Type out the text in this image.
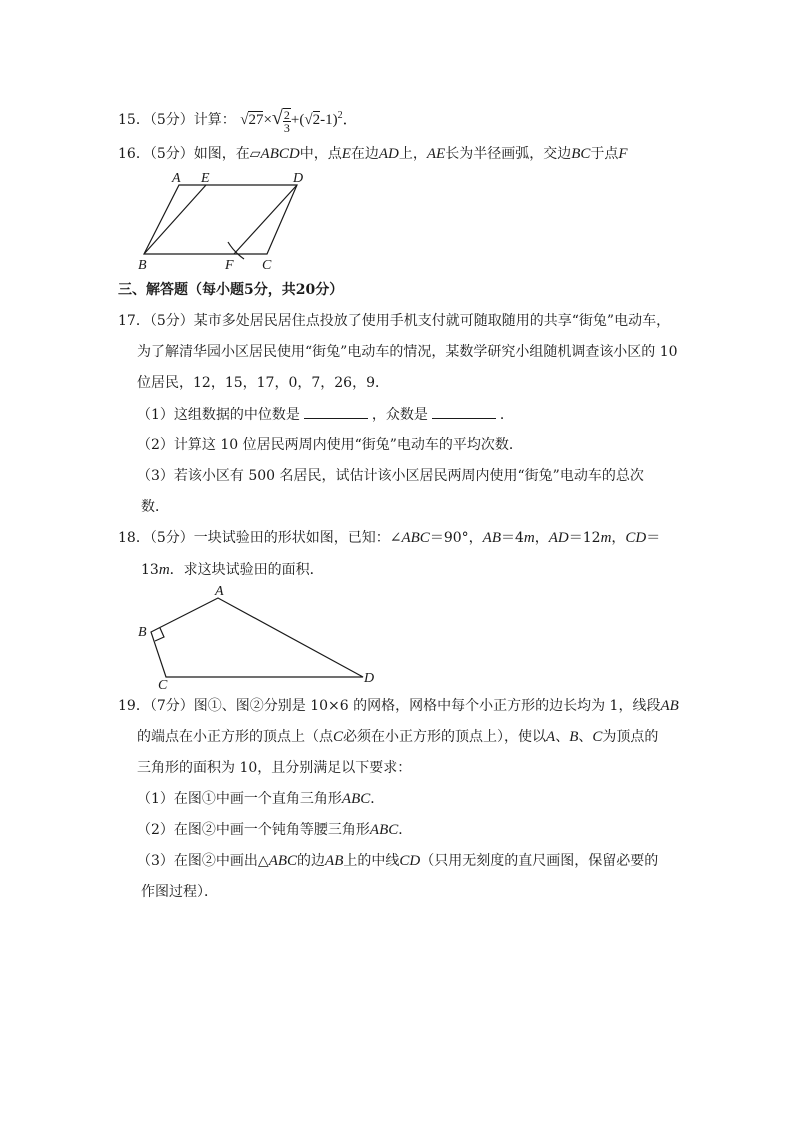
15．（5分）计算： $√27\times√ \frac{2}{3} +(√2-1)^2$．
16．（5分）如图，在▱ABCD中，点E在边AD上，AE长为半径画弧，交边BC于点F
A E	D
B	F C
三、解答题（每小题5分，共20分）
17．（5分）某市多处居民居住点投放了使用手机支付就可随取随用的共享“街兔”电动车，
为了解清华园小区居民使用“街兔”电动车的情况，某数学研究小组随机调查该小区的 10
位居民，12，15，17，0，7，26，9．
（1）这组数据的中位数是	，众数是	．
（2）计算这 10 位居民两周内使用“街兔”电动车的平均次数．
（3）若该小区有 500 名居民，试估计该小区居民两周内使用“街兔”电动车的总次
数．
18．（5分）一块试验田的形状如图，已知：∠ABC＝90°，AB＝4m，AD＝12m，CD＝
13m．求这块试验田的面积．
A
B
C	D
19．（7分）图①、图②分别是 10×6 的网格，网格中每个小正方形的边长均为 1，线段AB
的端点在小正方形的顶点上（点C必须在小正方形的顶点上），使以A、B、C为顶点的
三角形的面积为 10，且分别满足以下要求：
（1）在图①中画一个直角三角形ABC．
（2）在图②中画一个钝角等腰三角形ABC．
（3）在图②中画出△ABC的边AB上的中线CD（只用无刻度的直尺画图，保留必要的
作图过程）．
